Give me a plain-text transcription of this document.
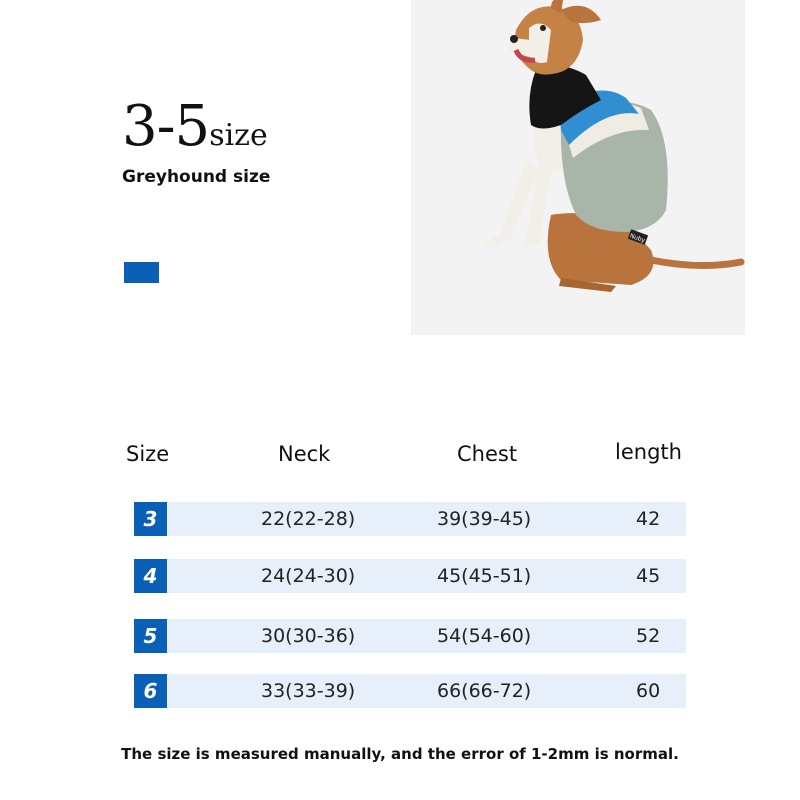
3-5size
Greyhound size
Nuby
Size	Neck	Chest	length
3	22(22-28)	39(39-45)	42
4	24(24-30)	45(45-51)	45
5	30(30-36)	54(54-60)	52
6	33(33-39)	66(66-72)	60
The size is measured manually, and the error of 1-2mm is normal.
